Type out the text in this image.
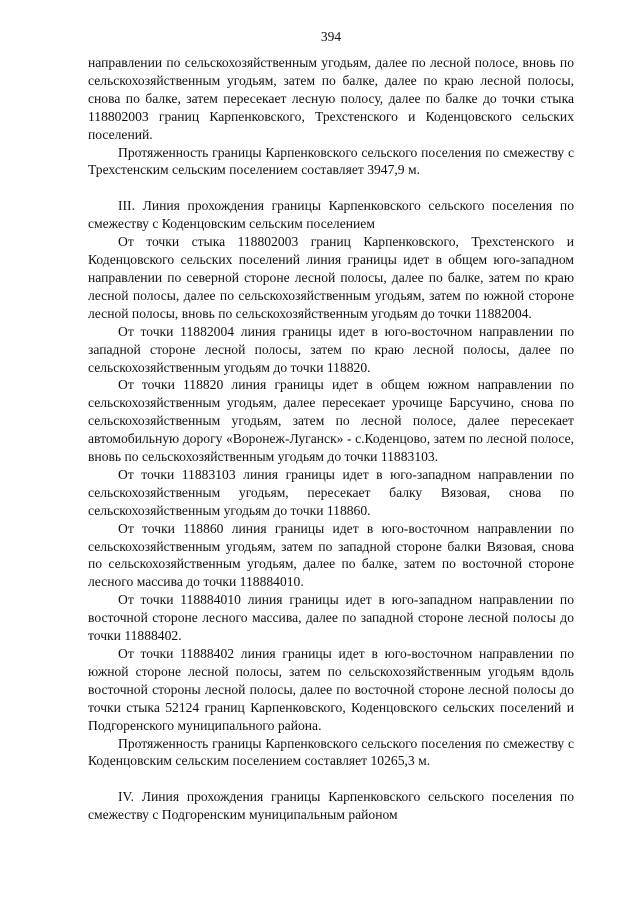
394

направлении по сельскохозяйственным угодьям, далее по лесной полосе, вновь по сельскохозяйственным угодьям, затем по балке, далее по краю лесной полосы, снова по балке, затем пересекает лесную полосу, далее по балке до точки стыка 118802003 границ Карпенковского, Трехстенского и Коденцовского сельских поселений.

Протяженность границы Карпенковского сельского поселения по смежеству с Трехстенским сельским поселением составляет 3947,9 м.

III. Линия прохождения границы Карпенковского сельского поселения по смежеству с Коденцовским сельским поселением

От точки стыка 118802003 границ Карпенковского, Трехстенского и Коденцовского сельских поселений линия границы идет в общем юго-западном направлении по северной стороне лесной полосы, далее по балке, затем по краю лесной полосы, далее по сельскохозяйственным угодьям, затем по южной стороне лесной полосы, вновь по сельскохозяйственным угодьям до точки 11882004.

От точки 11882004 линия границы идет в юго-восточном направлении по западной стороне лесной полосы, затем по краю лесной полосы, далее по сельскохозяйственным угодьям до точки 118820.

От точки 118820 линия границы идет в общем южном направлении по сельскохозяйственным угодьям, далее пересекает урочище Барсучино, снова по сельскохозяйственным угодьям, затем по лесной полосе, далее пересекает автомобильную дорогу «Воронеж-Луганск» - с.Коденцово, затем по лесной полосе, вновь по сельскохозяйственным угодьям до точки 11883103.

От точки 11883103 линия границы идет в юго-западном направлении по сельскохозяйственным угодьям, пересекает балку Вязовая, снова по сельскохозяйственным угодьям до точки 118860.

От точки 118860 линия границы идет в юго-восточном направлении по сельскохозяйственным угодьям, затем по западной стороне балки Вязовая, снова по сельскохозяйственным угодьям, далее по балке, затем по восточной стороне лесного массива до точки 118884010.

От точки 118884010 линия границы идет в юго-западном направлении по восточной стороне лесного массива, далее по западной стороне лесной полосы до точки 11888402.

От точки 11888402 линия границы идет в юго-восточном направлении по южной стороне лесной полосы, затем по сельскохозяйственным угодьям вдоль восточной стороны лесной полосы, далее по восточной стороне лесной полосы до точки стыка 52124 границ Карпенковского, Коденцовского сельских поселений и Подгоренского муниципального района.

Протяженность границы Карпенковского сельского поселения по смежеству с Коденцовским сельским поселением составляет 10265,3 м.

IV. Линия прохождения границы Карпенковского сельского поселения по смежеству с Подгоренским муниципальным районом
